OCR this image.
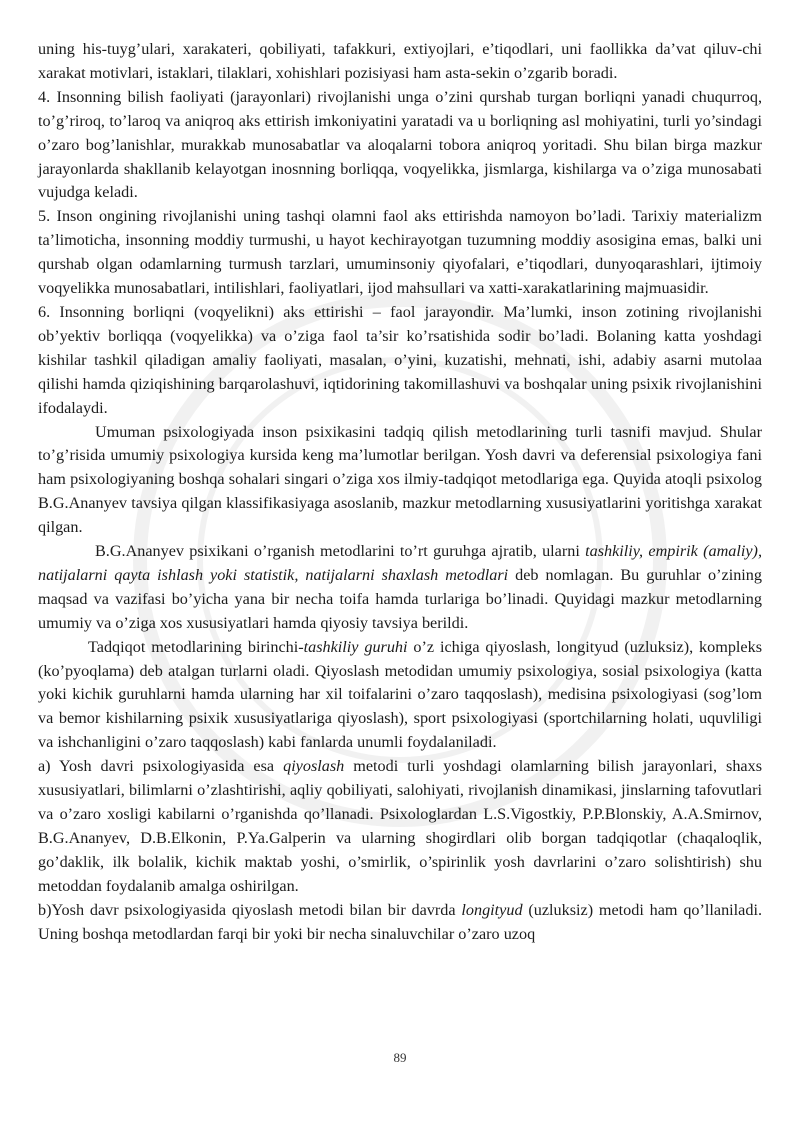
uning his-tuyg’ulari, xarakateri, qobiliyati, tafakkuri, extiyojlari, e’tiqodlari, uni faollikka da’vat qiluv-chi xarakat motivlari, istaklari, tilaklari, xohishlari pozisiyasi ham asta-sekin o’zgarib boradi.

4. Insonning bilish faoliyati (jarayonlari) rivojlanishi unga o’zini qurshab turgan borliqni yanadi chuqurroq, to’g’riroq, to’laroq va aniqroq aks ettirish imkoniyatini yaratadi va u borliqning asl mohiyatini, turli yo’sindagi o’zaro bog’lanishlar, murakkab munosabatlar va aloqalarni tobora aniqroq yoritadi. Shu bilan birga mazkur jarayonlarda shakllanib kelayotgan inosnning borliqqa, voqyelikka, jismlarga, kishilarga va o’ziga munosabati vujudga keladi.

5. Inson ongining rivojlanishi uning tashqi olamni faol aks ettirishda namoyon bo’ladi. Tarixiy materializm ta’limoticha, insonning moddiy turmushi, u hayot kechirayotgan tuzumning moddiy asosigina emas, balki uni qurshab olgan odamlarning turmush tarzlari, umuminsoniy qiyofalari, e’tiqodlari, dunyoqarashlari, ijtimoiy voqyelikka munosabatlari, intilishlari, faoliyatlari, ijod mahsullari va xatti-xarakatlarining majmuasidir.

6. Insonning borliqni (voqyelikni) aks ettirishi – faol jarayondir. Ma’lumki, inson zotining rivojlanishi ob’yektiv borliqqa (voqyelikka) va o’ziga faol ta’sir ko’rsatishida sodir bo’ladi. Bolaning katta yoshdagi kishilar tashkil qiladigan amaliy faoliyati, masalan, o’yini, kuzatishi, mehnati, ishi, adabiy asarni mutolaa qilishi hamda qiziqishining barqarolashuvi, iqtidorining takomillashuvi va boshqalar uning psixik rivojlanishini ifodalaydi.

Umuman psixologiyada inson psixikasini tadqiq qilish metodlarining turli tasnifi mavjud. Shular to’g’risida umumiy psixologiya kursida keng ma’lumotlar berilgan. Yosh davri va deferensial psixologiya fani ham psixologiyaning boshqa sohalari singari o’ziga xos ilmiy-tadqiqot metodlariga ega. Quyida atoqli psixolog B.G.Ananyev tavsiya qilgan klassifikasiyaga asoslanib, mazkur metodlarning xususiyatlarini yoritishga xarakat qilgan.

B.G.Ananyev psixikani o’rganish metodlarini to’rt guruhga ajratib, ularni tashkiliy, empirik (amaliy), natijalarni qayta ishlash yoki statistik, natijalarni shaxlash metodlari deb nomlagan. Bu guruhlar o’zining maqsad va vazifasi bo’yicha yana bir necha toifa hamda turlariga bo’linadi. Quyidagi mazkur metodlarning umumiy va o’ziga xos xususiyatlari hamda qiyosiy tavsiya berildi.

Tadqiqot metodlarining birinchi-tashkiliy guruhi o’z ichiga qiyoslash, longityud (uzluksiz), kompleks (ko’pyoqlama) deb atalgan turlarni oladi. Qiyoslash metodidan umumiy psixologiya, sosial psixologiya (katta yoki kichik guruhlarni hamda ularning har xil toifalarini o’zaro taqqoslash), medisina psixologiyasi (sog’lom va bemor kishilarning psixik xususiyatlariga qiyoslash), sport psixologiyasi (sportchilarning holati, uquvliligi va ishchanligini o’zaro taqqoslash) kabi fanlarda unumli foydalaniladi.

a) Yosh davri psixologiyasida esa qiyoslash metodi turli yoshdagi olamlarning bilish jarayonlari, shaxs xususiyatlari, bilimlarni o’zlashtirishi, aqliy qobiliyati, salohiyati, rivojlanish dinamikasi, jinslarning tafovutlari va o’zaro xosligi kabilarni o’rganishda qo’llanadi. Psixologlardan L.S.Vigostkiy, P.P.Blonskiy, A.A.Smirnov, B.G.Ananyev, D.B.Elkonin, P.Ya.Galperin va ularning shogirdlari olib borgan tadqiqotlar (chaqaloqlik, go’daklik, ilk bolalik, kichik maktab yoshi, o’smirlik, o’spirinlik yosh davrlarini o’zaro solishtirish) shu metoddan foydalanib amalga oshirilgan.

b)Yosh davr psixologiyasida qiyoslash metodi bilan bir davrda longityud (uzluksiz) metodi ham qo’llaniladi. Uning boshqa metodlardan farqi bir yoki bir necha sinaluvchilar o’zaro uzoq

89
